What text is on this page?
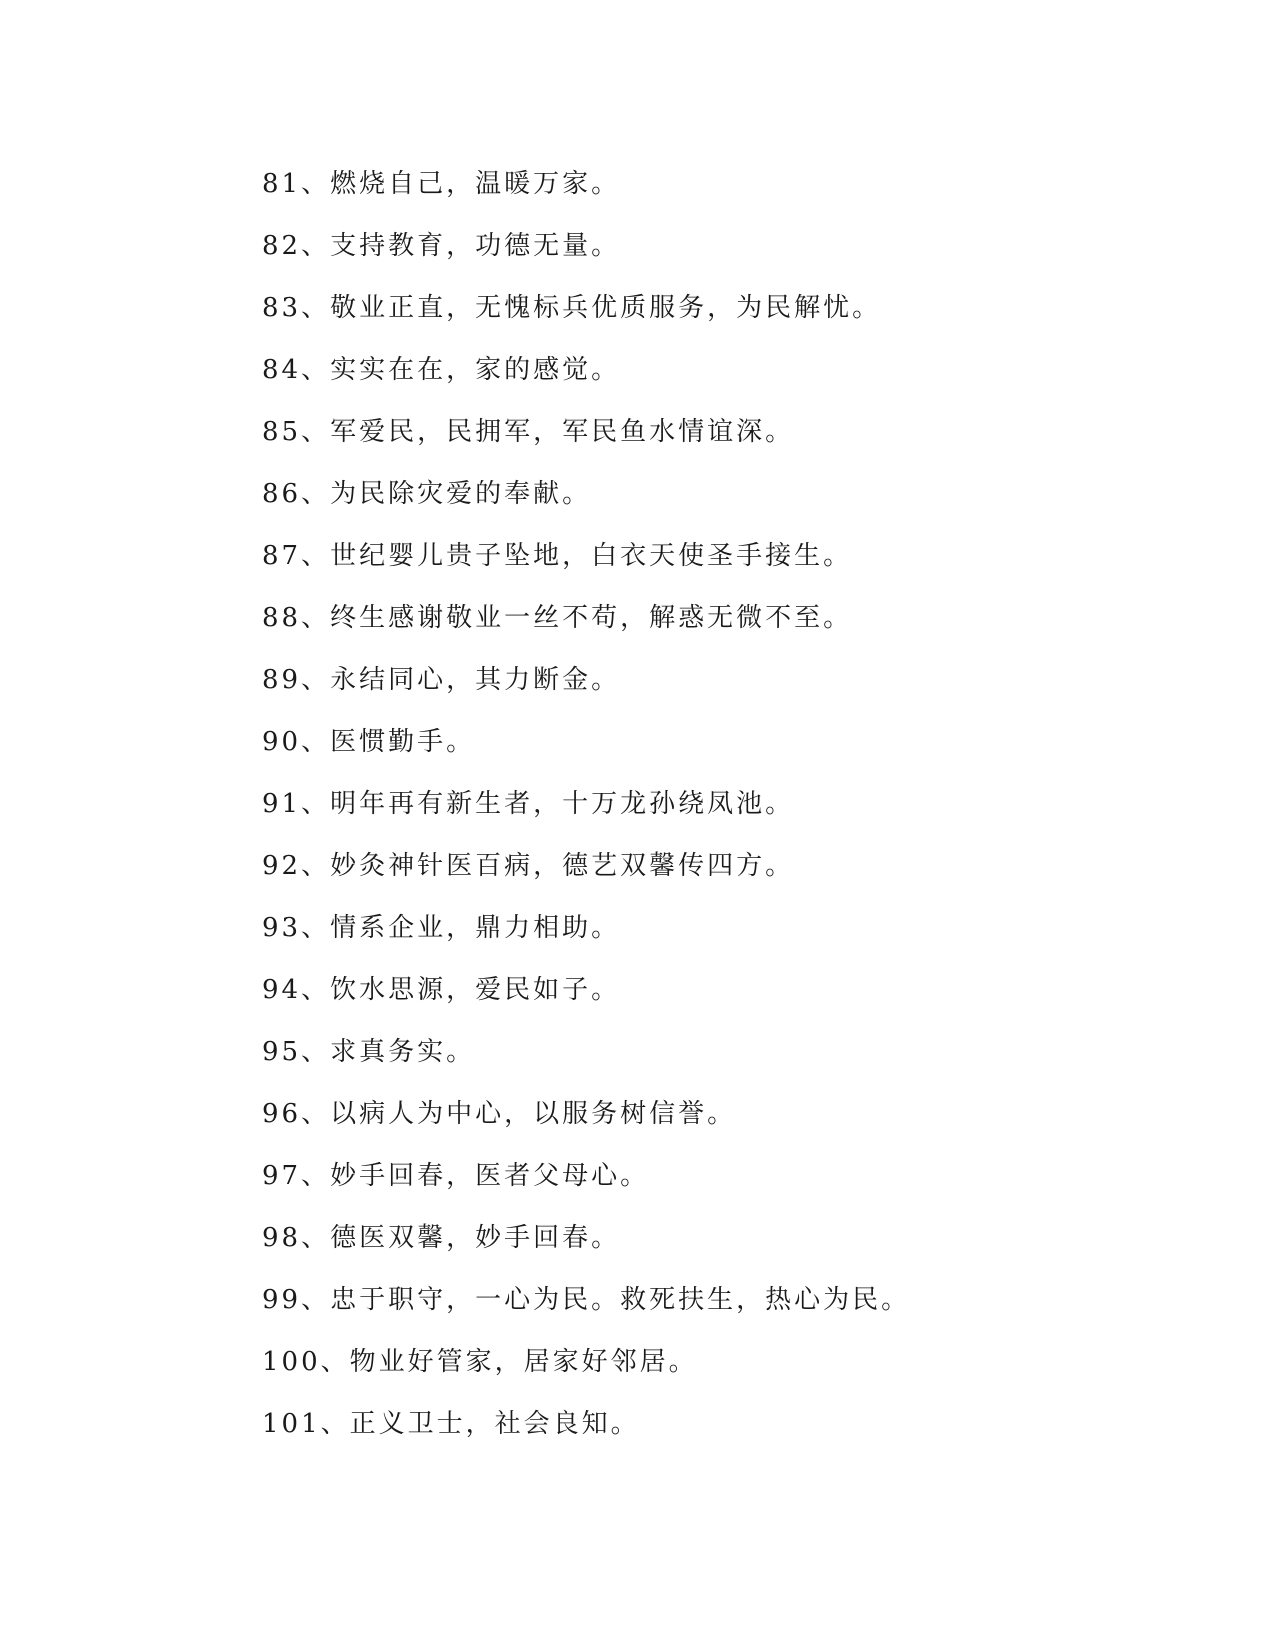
81、燃烧自己，温暖万家。
82、支持教育，功德无量。
83、敬业正直，无愧标兵优质服务，为民解忧。
84、实实在在，家的感觉。
85、军爱民，民拥军，军民鱼水情谊深。
86、为民除灾爱的奉献。
87、世纪婴儿贵子坠地，白衣天使圣手接生。
88、终生感谢敬业一丝不苟，解惑无微不至。
89、永结同心，其力断金。
90、医惯勤手。
91、明年再有新生者，十万龙孙绕凤池。
92、妙灸神针医百病，德艺双馨传四方。
93、情系企业，鼎力相助。
94、饮水思源，爱民如子。
95、求真务实。
96、以病人为中心，以服务树信誉。
97、妙手回春，医者父母心。
98、德医双馨，妙手回春。
99、忠于职守，一心为民。救死扶生，热心为民。
100、物业好管家，居家好邻居。
101、正义卫士，社会良知。
